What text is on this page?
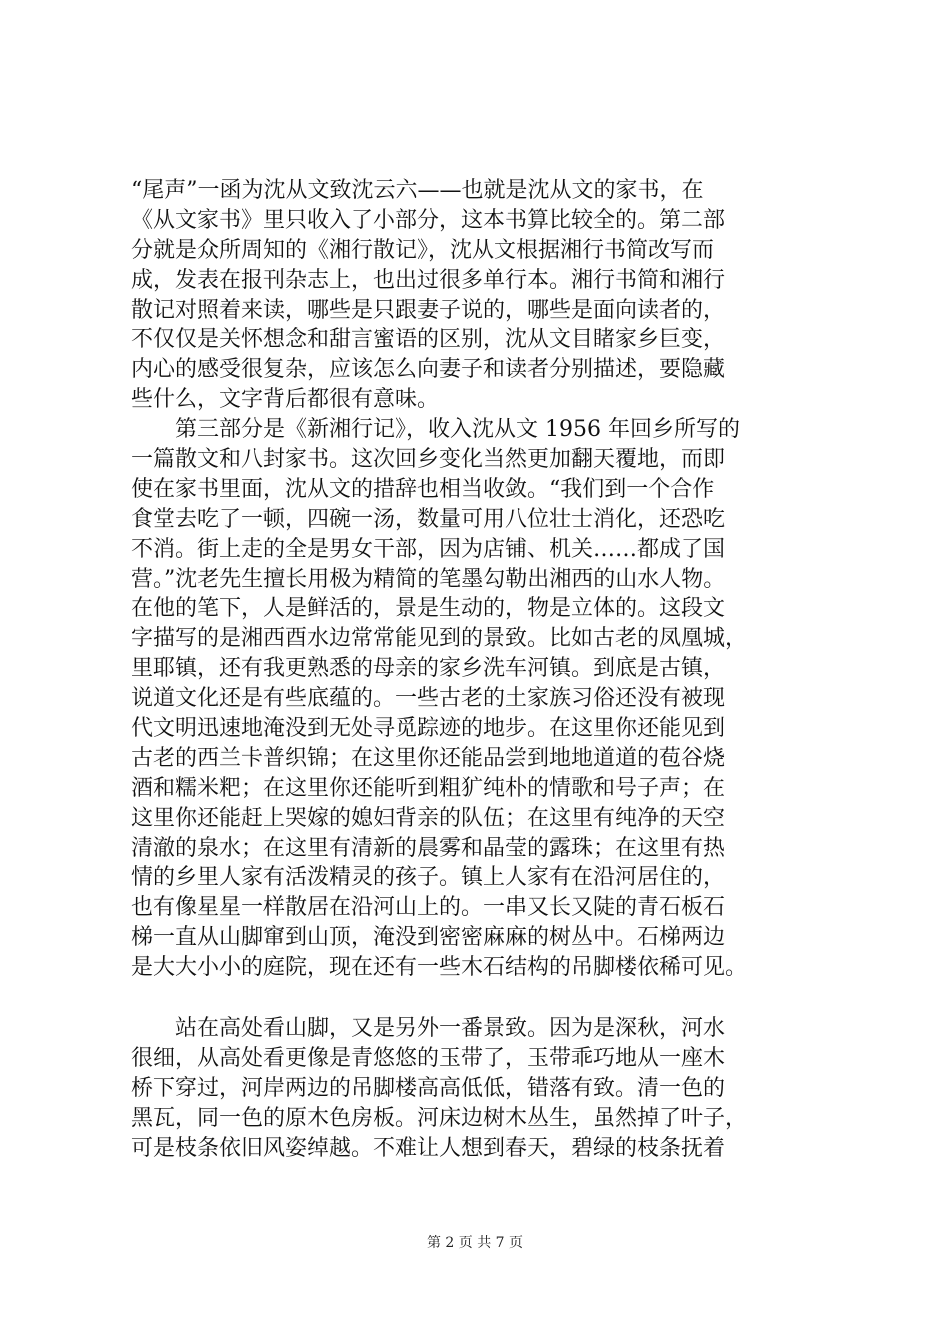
“尾声”一函为沈从文致沈云六——也就是沈从文的家书，在
《从文家书》里只收入了小部分，这本书算比较全的。第二部
分就是众所周知的《湘行散记》，沈从文根据湘行书简改写而
成，发表在报刊杂志上，也出过很多单行本。湘行书简和湘行
散记对照着来读，哪些是只跟妻子说的，哪些是面向读者的，
不仅仅是关怀想念和甜言蜜语的区别，沈从文目睹家乡巨变，
内心的感受很复杂，应该怎么向妻子和读者分别描述，要隐藏
些什么，文字背后都很有意味。
　　第三部分是《新湘行记》，收入沈从文 1956 年回乡所写的
一篇散文和八封家书。这次回乡变化当然更加翻天覆地，而即
使在家书里面，沈从文的措辞也相当收敛。“我们到一个合作
食堂去吃了一顿，四碗一汤，数量可用八位壮士消化，还恐吃
不消。街上走的全是男女干部，因为店铺、机关……都成了国
营。”沈老先生擅长用极为精简的笔墨勾勒出湘西的山水人物。
在他的笔下，人是鲜活的，景是生动的，物是立体的。这段文
字描写的是湘西酉水边常常能见到的景致。比如古老的凤凰城，
里耶镇，还有我更熟悉的母亲的家乡洗车河镇。到底是古镇，
说道文化还是有些底蕴的。一些古老的土家族习俗还没有被现
代文明迅速地淹没到无处寻觅踪迹的地步。在这里你还能见到
古老的西兰卡普织锦；在这里你还能品尝到地地道道的苞谷烧
酒和糯米粑；在这里你还能听到粗犷纯朴的情歌和号子声；在
这里你还能赶上哭嫁的媳妇背亲的队伍；在这里有纯净的天空
清澈的泉水；在这里有清新的晨雾和晶莹的露珠；在这里有热
情的乡里人家有活泼精灵的孩子。镇上人家有在沿河居住的，
也有像星星一样散居在沿河山上的。一串又长又陡的青石板石
梯一直从山脚窜到山顶，淹没到密密麻麻的树丛中。石梯两边
是大大小小的庭院，现在还有一些木石结构的吊脚楼依稀可见。
　　站在高处看山脚，又是另外一番景致。因为是深秋，河水
很细，从高处看更像是青悠悠的玉带了，玉带乖巧地从一座木
桥下穿过，河岸两边的吊脚楼高高低低，错落有致。清一色的
黑瓦，同一色的原木色房板。河床边树木丛生，虽然掉了叶子，
可是枝条依旧风姿绰越。不难让人想到春天，碧绿的枝条抚着
第 2 页 共 7 页
